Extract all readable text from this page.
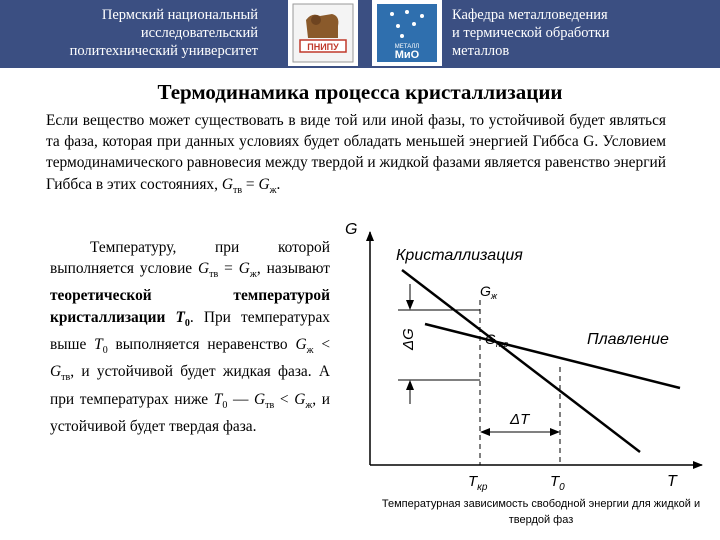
Пермский национальный
исследовательский
политехнический университет	ПНИПУ	МЕТАЛЛ
МиО
Кафедра металловедения
и термической обработки
металлов
Термодинамика процесса кристаллизации
Если вещество может существовать в виде той или иной фазы, то устойчивой будет являться та фаза, которая при данных условиях будет обладать меньшей энергией Гиббса G. Условием термодинамического равновесия между твердой и жидкой фазами является равенство энергий Гиббса в этих состояниях, $G_{тв} = G_ж$.
Температуру, при которой выполняется условие $G_{тв} = G_ж$, называют теоретической температурой кристаллизации $Т_0$. При температурах выше $Т_0$ выполняется неравенство $G_ж < G_{тв}$, и устойчивой будет жидкая фаза. А при температурах ниже $Т_0$ — $G_{тв} < G_ж$, и устойчивой будет твердая фаза.
G
T
ΔG
ΔT
Кристаллизация
Плавление
$G_ж$
$G_{тв}$
$T_{кр}$	$T_0$
Температурная зависимость свободной энергии для жидкой и твердой фаз
